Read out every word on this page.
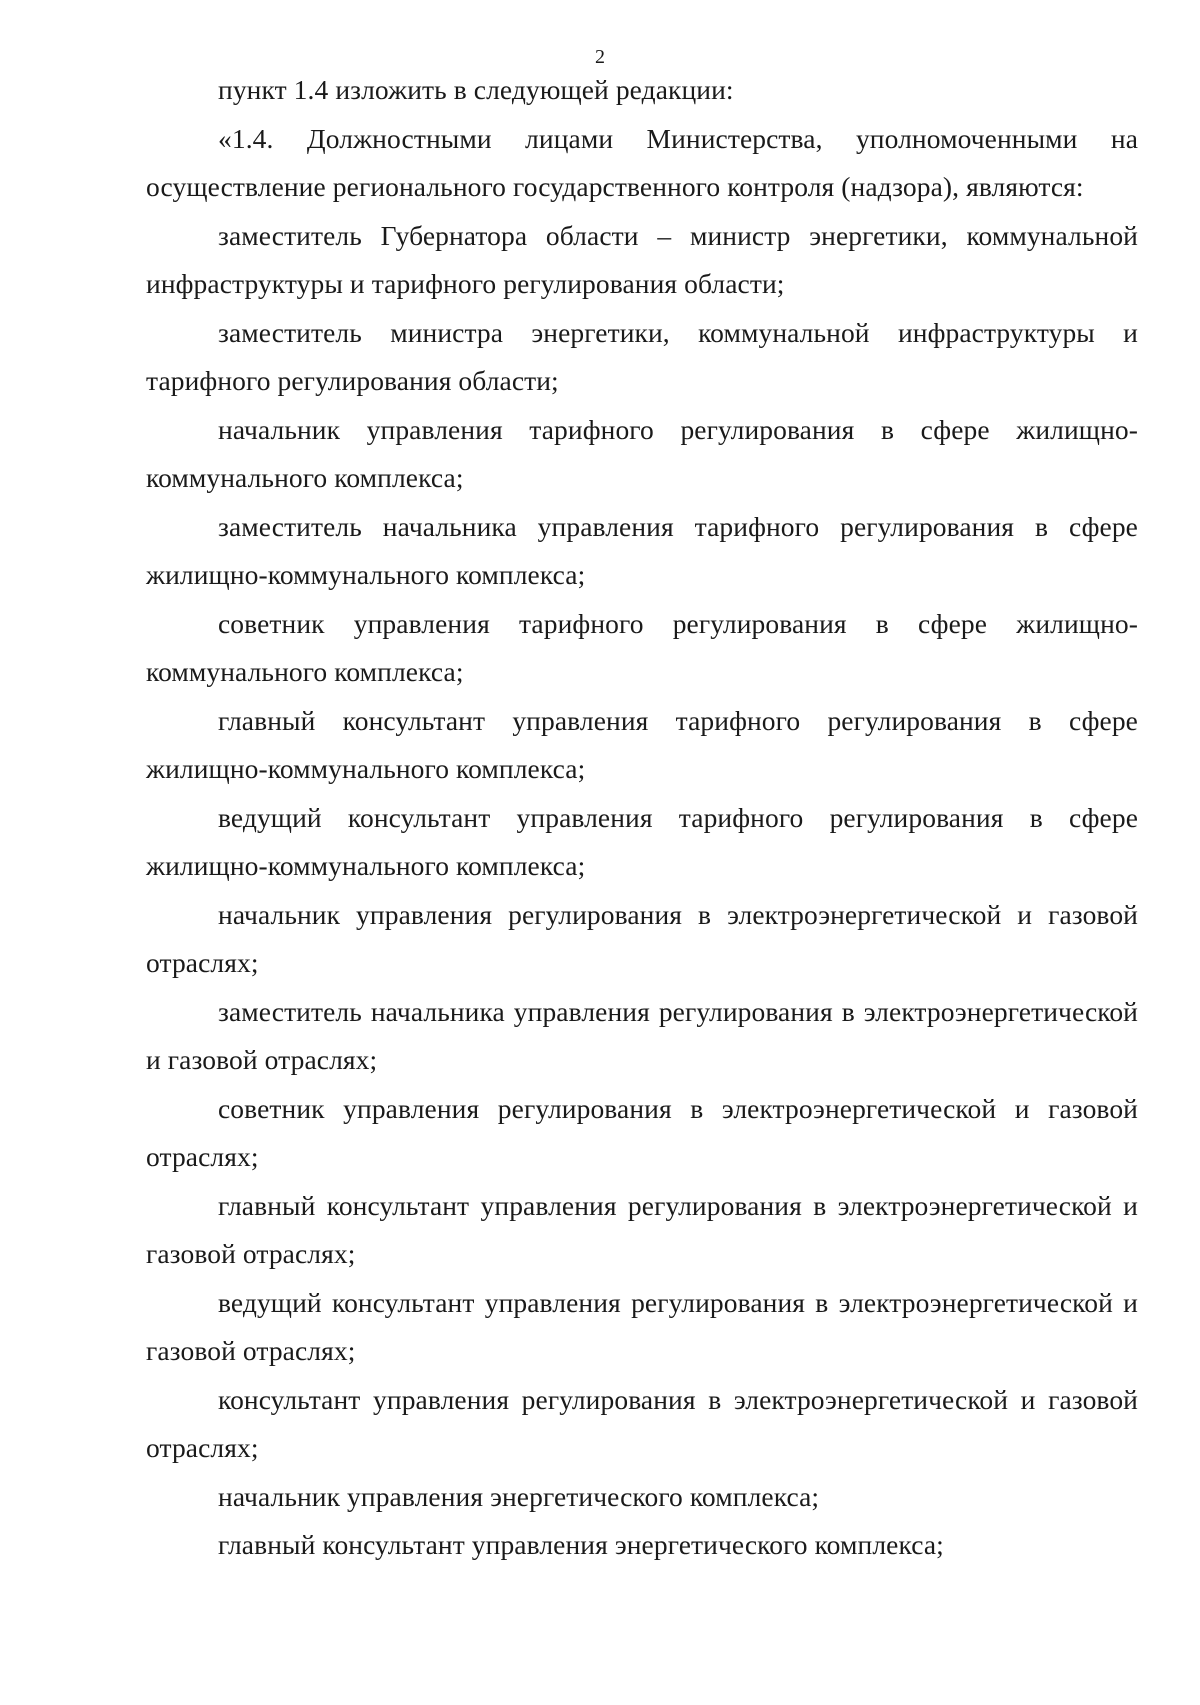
2

пункт 1.4 изложить в следующей редакции:

«1.4. Должностными лицами Министерства, уполномоченными на осуществление регионального государственного контроля (надзора), являются:

заместитель Губернатора области – министр энергетики, коммунальной инфраструктуры и тарифного регулирования области;

заместитель министра энергетики, коммунальной инфраструктуры и тарифного регулирования области;

начальник управления тарифного регулирования в сфере жилищно-коммунального комплекса;

заместитель начальника управления тарифного регулирования в сфере жилищно-коммунального комплекса;

советник управления тарифного регулирования в сфере жилищно-коммунального комплекса;

главный консультант управления тарифного регулирования в сфере жилищно-коммунального комплекса;

ведущий консультант управления тарифного регулирования в сфере жилищно-коммунального комплекса;

начальник управления регулирования в электроэнергетической и газовой отраслях;

заместитель начальника управления регулирования в электроэнергетической и газовой отраслях;

советник управления регулирования в электроэнергетической и газовой отраслях;

главный консультант управления регулирования в электроэнергетической и газовой отраслях;

ведущий консультант управления регулирования в электроэнергетической и газовой отраслях;

консультант управления регулирования в электроэнергетической и газовой отраслях;

начальник управления энергетического комплекса;

главный консультант управления энергетического комплекса;
